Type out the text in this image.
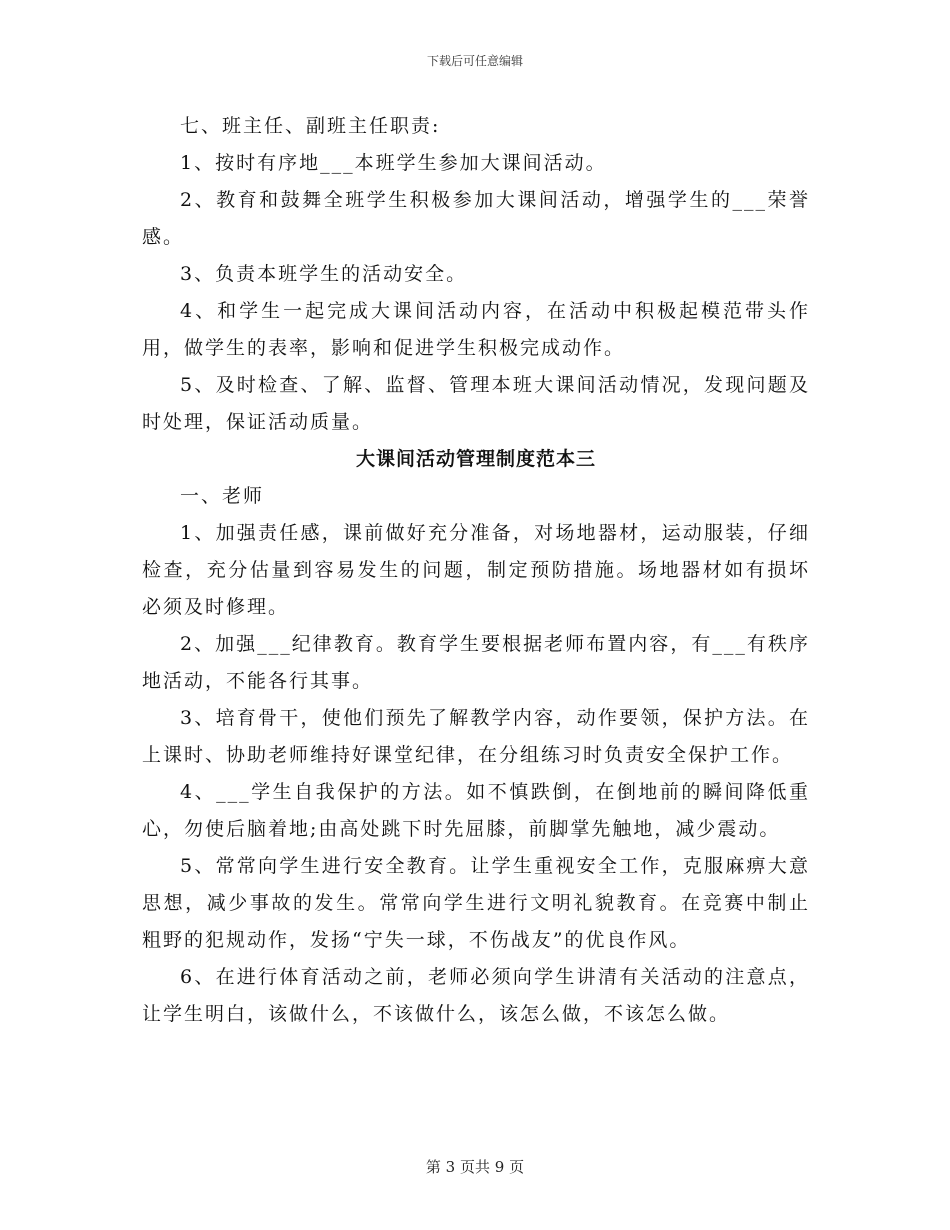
下载后可任意编辑

七、班主任、副班主任职责:

1、按时有序地___本班学生参加大课间活动。

2、教育和鼓舞全班学生积极参加大课间活动，增强学生的___荣誉感。

3、负责本班学生的活动安全。

4、和学生一起完成大课间活动内容，在活动中积极起模范带头作用，做学生的表率，影响和促进学生积极完成动作。

5、及时检查、了解、监督、管理本班大课间活动情况，发现问题及时处理，保证活动质量。

大课间活动管理制度范本三

一、老师

1、加强责任感，课前做好充分准备，对场地器材，运动服装，仔细检查，充分估量到容易发生的问题，制定预防措施。场地器材如有损坏必须及时修理。

2、加强___纪律教育。教育学生要根据老师布置内容，有___有秩序地活动，不能各行其事。

3、培育骨干，使他们预先了解教学内容，动作要领，保护方法。在上课时、协助老师维持好课堂纪律，在分组练习时负责安全保护工作。

4、___学生自我保护的方法。如不慎跌倒，在倒地前的瞬间降低重心，勿使后脑着地;由高处跳下时先屈膝，前脚掌先触地，减少震动。

5、常常向学生进行安全教育。让学生重视安全工作，克服麻痹大意思想，减少事故的发生。常常向学生进行文明礼貌教育。在竞赛中制止粗野的犯规动作，发扬“宁失一球，不伤战友”的优良作风。

6、在进行体育活动之前，老师必须向学生讲清有关活动的注意点，让学生明白，该做什么，不该做什么，该怎么做，不该怎么做。

第 3 页共 9 页
